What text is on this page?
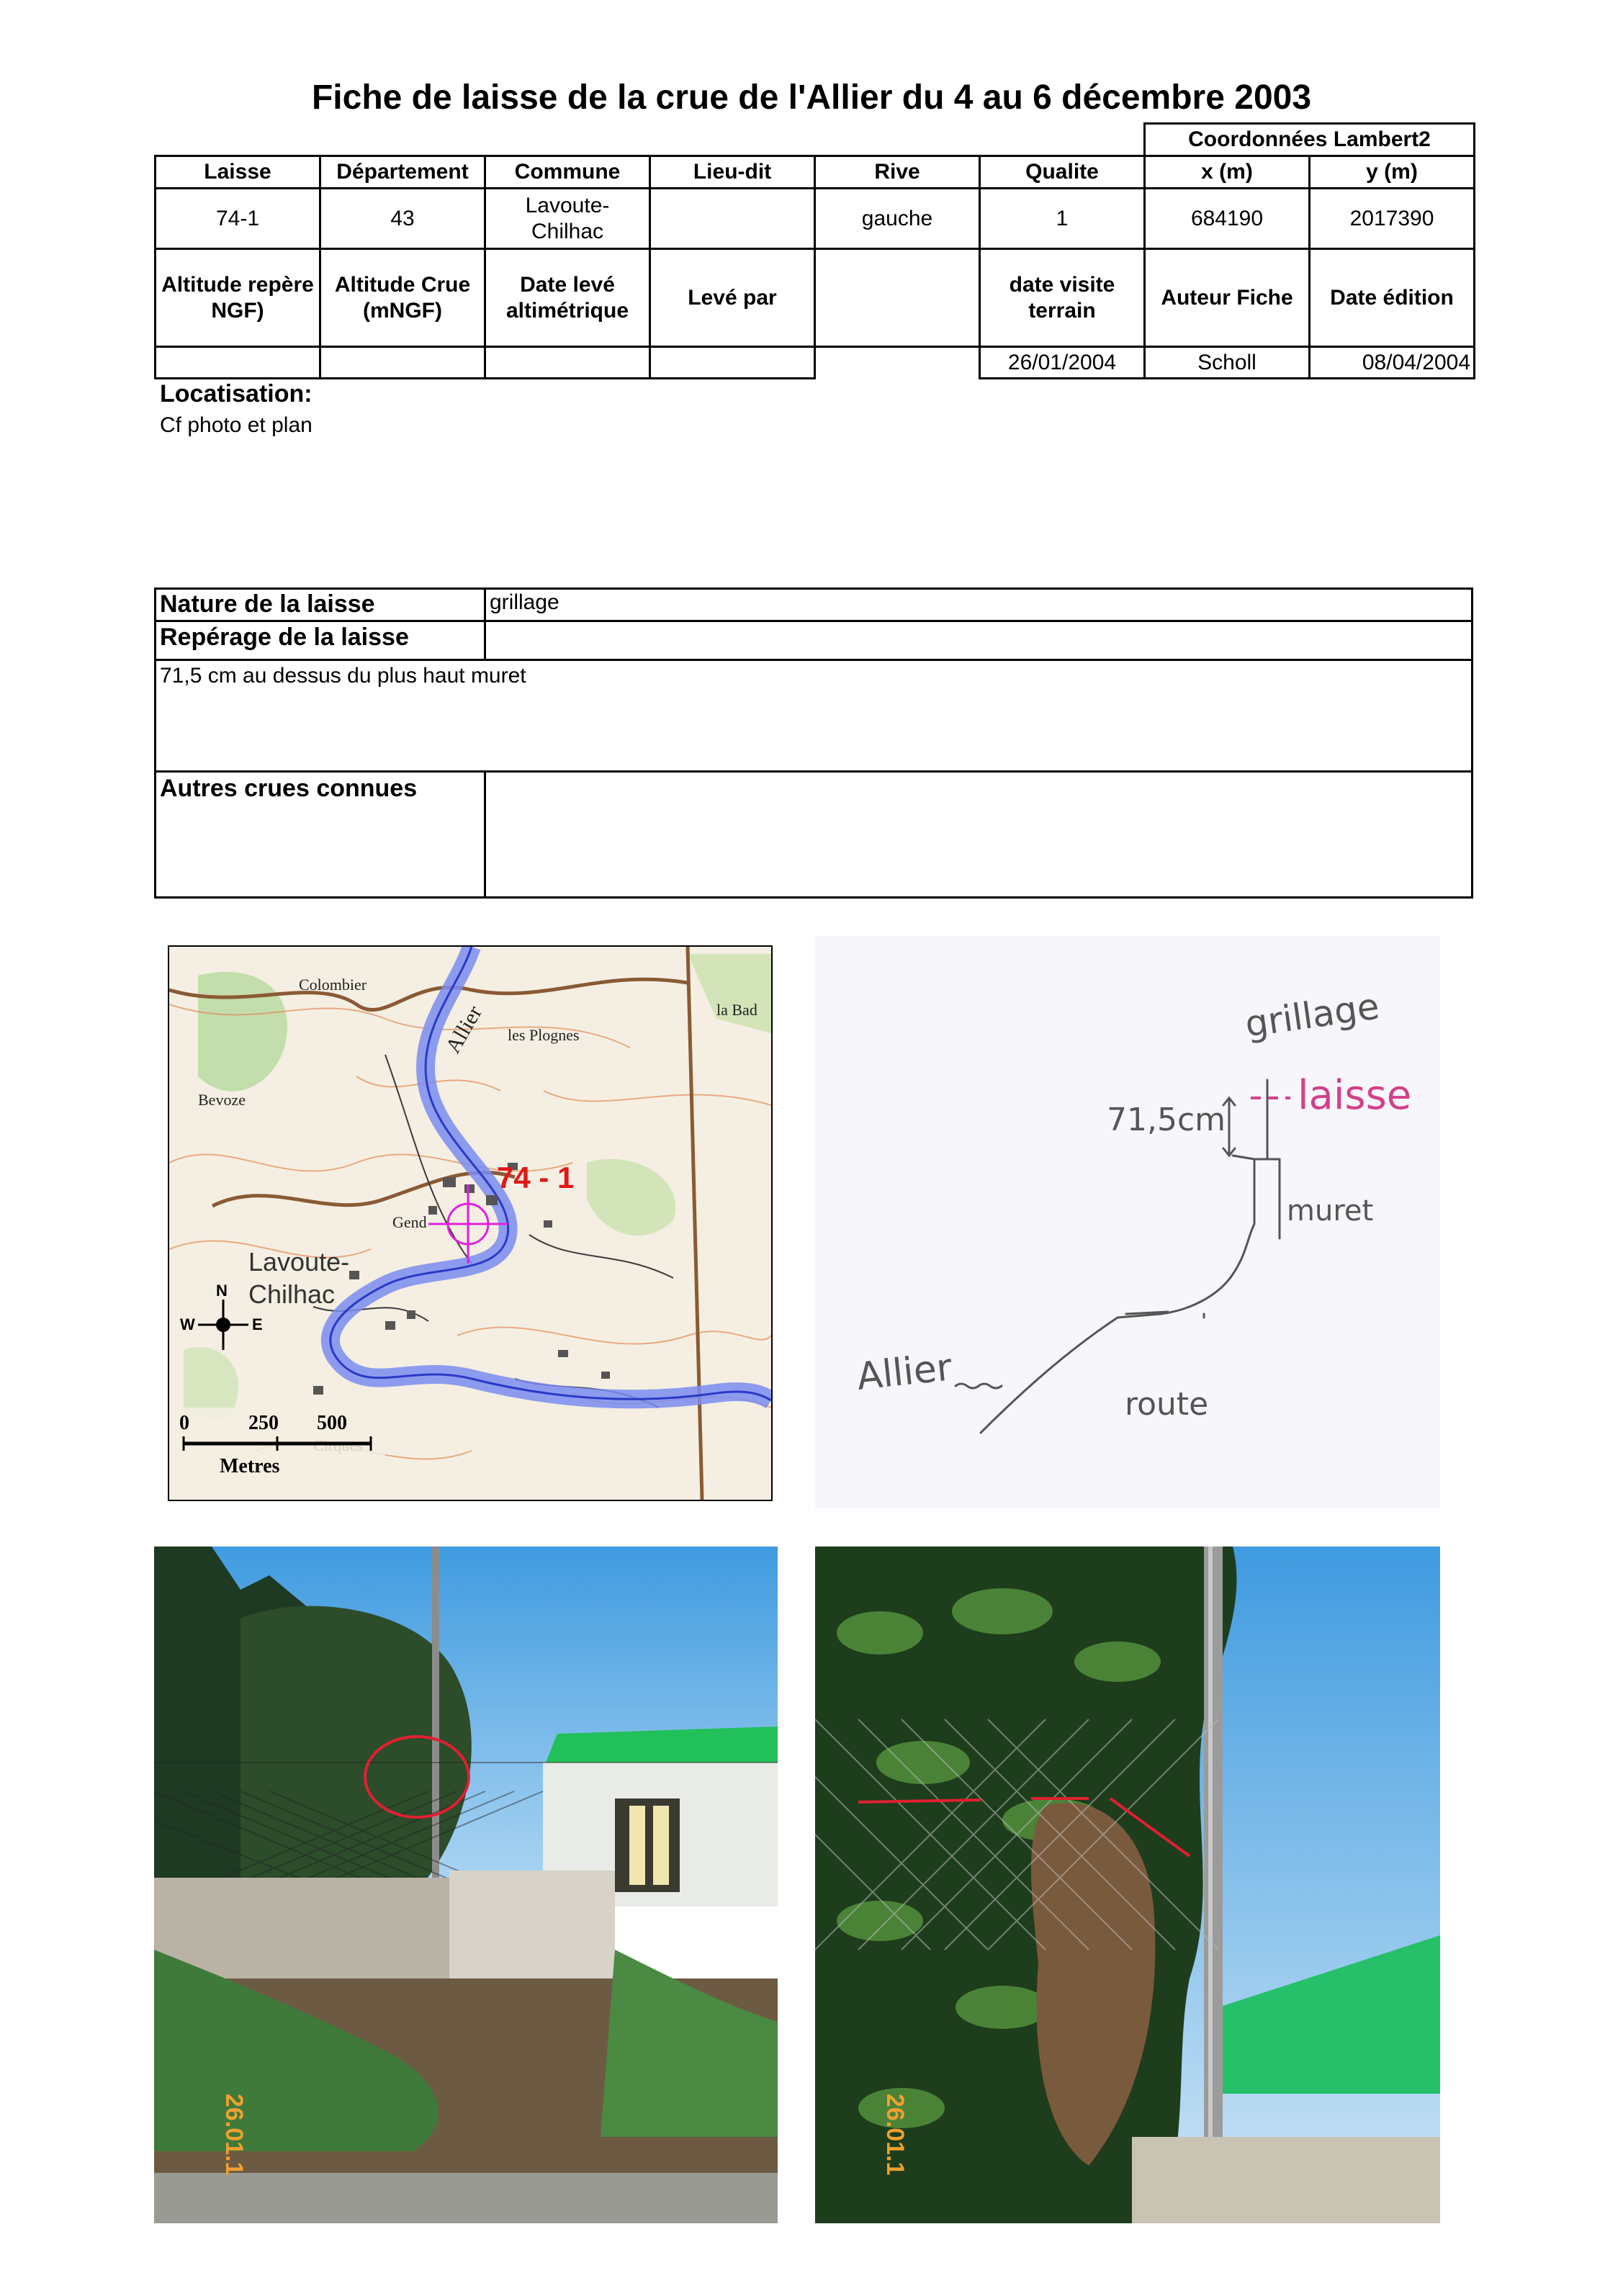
Fiche de laisse de la crue de l'Allier du 4 au 6 décembre 2003
						Coordonnées Lambert2	
Laisse	Département	Commune	Lieu-dit	Rive	Qualite	x (m)	y (m)
74-1	43	Lavoute-Chilhac		gauche	1	684190	2017390
Altitude repère NGF)	Altitude Crue (mNGF)	Date levé altimétrique	Levé par		date visite terrain	Auteur Fiche	Date édition
					26/01/2004	Scholl	08/04/2004
Locatisation:
Cf photo et plan
Nature de la laisse	grillage
Repérage de la laisse
71,5 cm au dessus du plus haut muret
Autres crues connues
Colombier
les Plognes
Bevoze
Gend
la Bad
Allier
Lavoute-
Chilhac
N
W	E
74 - 1
0	250 500
Metres
grillage
laisse
71,5cm
muret
Allier
route
26.01.1	26.01.1
